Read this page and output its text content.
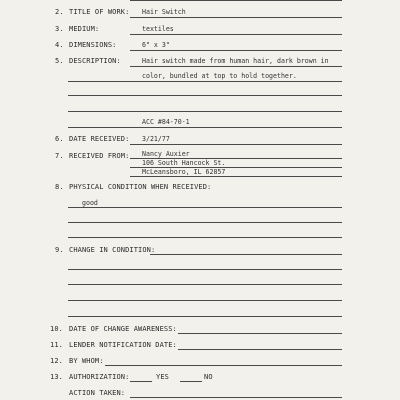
2. TITLE OF WORK: Hair Switch
3. MEDIUM:	textiles
4. DIMENSIONS:	6" x 3"
5. DESCRIPTION:	Hair switch made from human hair, dark brown in
color, bundled at top to hold together.
ACC #84-70-1
6. DATE RECEIVED: 3/21/77
7. RECEIVED FROM: Nancy Auxier
106 South Hancock St.
McLeansboro, IL 62857
8. PHYSICAL CONDITION WHEN RECEIVED:
good
9. CHANGE IN CONDITION:
10. DATE OF CHANGE AWARENESS:
11. LENDER NOTIFICATION DATE:
12. BY WHOM:
13. AUTHORIZATION:	YES	NO
ACTION TAKEN:
